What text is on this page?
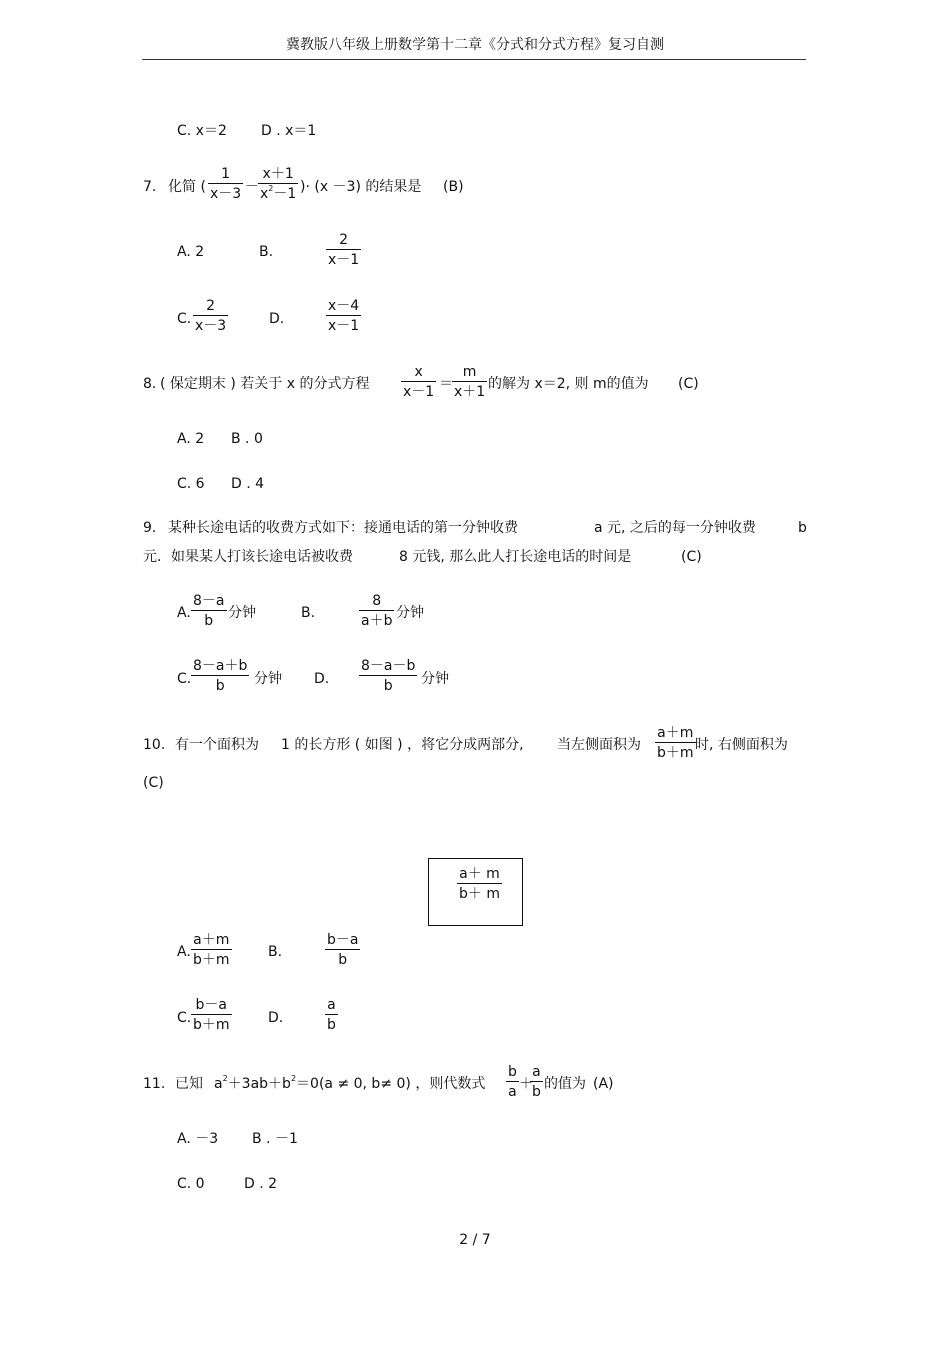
冀教版八年级上册数学第十二章《分式和分式方程》复习自测
C. x＝2 D . x＝1
7. 化简 ( $\frac{1}{x-3} - \frac{x+1}{x^2-1}$ )· (x －3) 的结果是 (B)
A. 2	B.	$\frac{2}{x-1}$
C. $\frac{2}{x-3}$	D.	$\frac{x-4}{x-1}$
8. ( 保定期末 ) 若关于 x 的分式方程 $\frac{x}{x-1} = \frac{m}{x+1}$ 的解为 x＝2, 则 m的值为 (C)
A. 2 B . 0
C. 6 D . 4
9. 某种长途电话的收费方式如下：接通电话的第一分钟收费	a 元, 之后的每一分钟收费	b
元．如果某人打该长途电话被收费	8 元钱, 那么此人打长途电话的时间是	(C)
A. $\frac{8-a}{b}$ 分钟	B.	$\frac{8}{a+b}$ 分钟
C. $\frac{8-a+b}{b}$ 分钟 D. $\frac{8-a-b}{b}$ 分钟
10. 有一个面积为 1 的长方形 ( 如图 ) ，将它分成两部分, 当左侧面积为 $\frac{a+m}{b+m}$ 时, 右侧面积为
(C)
$\frac{a+ m}{b+ m}$
A. $\frac{a+m}{b+m}$	B.	$\frac{b-a}{b}$
C. $\frac{b-a}{b+m}$	D.	$\frac{a}{b}$
11. 已知 $a^2+3ab+b^2=0(a \ne 0$, b≠ 0) ，则代数式 $\frac{b}{a}$ ＋
$\frac{a}{b}$ 的值为 (A)
A. －3 B . －1
C. 0	D . 2
2 / 7
